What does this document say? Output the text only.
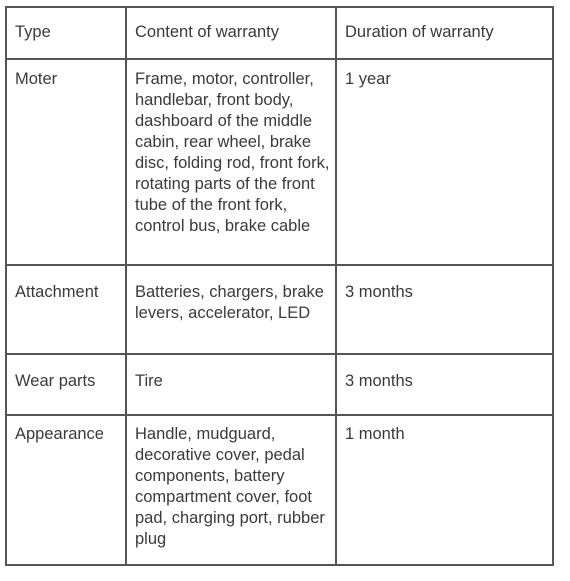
Type	Content of warranty	Duration of warranty
Moter	Frame, motor, controller, handlebar, front body, dashboard of the middle cabin, rear wheel, brake disc, folding rod, front fork, rotating parts of the front tube of the front fork, control bus, brake cable	1 year
Attachment	Batteries, chargers, brake levers, accelerator, LED	3 months
Wear parts	Tire	3 months
Appearance	Handle, mudguard, decorative cover, pedal components, battery compartment cover, foot pad, charging port, rubber plug	1 month
